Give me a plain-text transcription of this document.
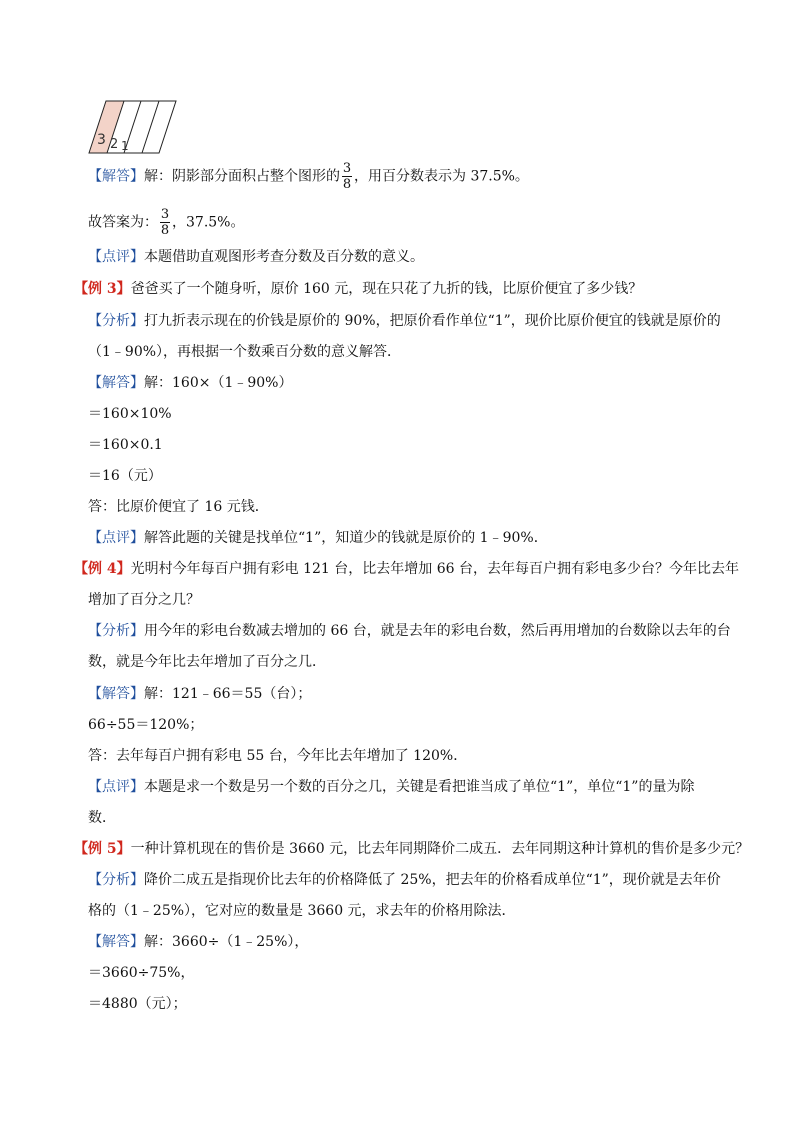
3 2 1
【解答】解：阴影部分面积占整个图形的 $\frac{3}{8}$ ，用百分数表示为 37.5%。
故答案为： $\frac{3}{8}$ ，37.5%。
【点评】本题借助直观图形考查分数及百分数的意义。
【例 3】爸爸买了一个随身听，原价 160 元，现在只花了九折的钱，比原价便宜了多少钱？
【分析】打九折表示现在的价钱是原价的 90%，把原价看作单位“1”，现价比原价便宜的钱就是原价的
（1﹣90%），再根据一个数乘百分数的意义解答．
【解答】解：160×（1﹣90%）
＝160×10%
＝160×0.1
＝16（元）
答：比原价便宜了 16 元钱．
【点评】解答此题的关键是找单位“1”，知道少的钱就是原价的 1﹣90%．
【例 4】光明村今年每百户拥有彩电 121 台，比去年增加 66 台，去年每百户拥有彩电多少台？今年比去年
增加了百分之几？
【分析】用今年的彩电台数减去增加的 66 台，就是去年的彩电台数，然后再用增加的台数除以去年的台
数，就是今年比去年增加了百分之几．
【解答】解：121﹣66＝55（台）；
66÷55＝120%；
答：去年每百户拥有彩电 55 台，今年比去年增加了 120%．
【点评】本题是求一个数是另一个数的百分之几，关键是看把谁当成了单位“1”，单位“1”的量为除
数．
【例 5】一种计算机现在的售价是 3660 元，比去年同期降价二成五．去年同期这种计算机的售价是多少元？
【分析】降价二成五是指现价比去年的价格降低了 25%，把去年的价格看成单位“1”，现价就是去年价
格的（1﹣25%），它对应的数量是 3660 元，求去年的价格用除法．
【解答】解：3660÷（1﹣25%），
＝3660÷75%，
＝4880（元）；
